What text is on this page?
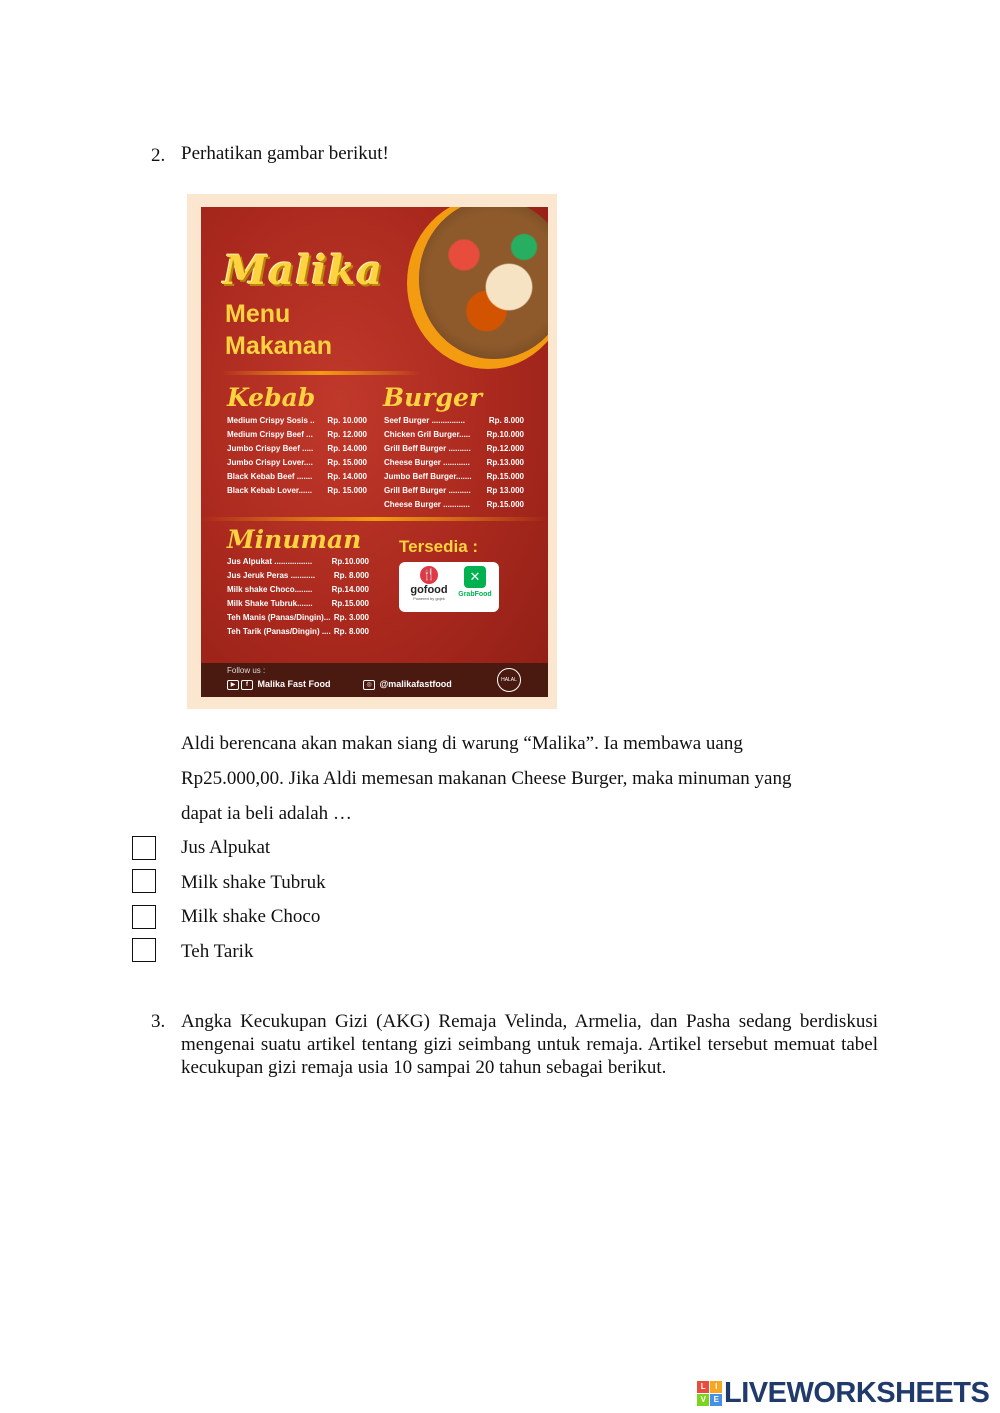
2. Perhatikan gambar berikut!
Malika
Menu
Makanan
Kebab
Medium Crispy Sosis .. Rp. 10.000
Medium Crispy Beef ... Rp. 12.000
Jumbo Crispy Beef ..... Rp. 14.000
Jumbo Crispy Lover.... Rp. 15.000
Black Kebab Beef ....... Rp. 14.000
Black Kebab Lover...... Rp. 15.000
Burger
Seef Burger ...............	Rp. 8.000
Chicken Gril Burger..... Rp.10.000
Grill Beff Burger .......... Rp.12.000
Cheese Burger ............ Rp.13.000
Jumbo Beff Burger....... Rp.15.000
Grill Beff Burger .......... Rp 13.000
Cheese Burger ............ Rp.15.000
Minuman
Jus Alpukat ................. Rp.10.000
Jus Jeruk Peras ........... Rp. 8.000
Milk shake Choco........ Rp.14.000
Milk Shake Tubruk....... Rp.15.000
Teh Manis (Panas/Dingin)... Rp. 3.000
Teh Tarik (Panas/Dingin) .... Rp. 8.000
Tersedia :
🍴
gofood
Powered by gojek
✕
GrabFood
Follow us :
▶ f Malika Fast Food	◎ @malikafastfood	HALAL
Aldi berencana akan makan siang di warung “Malika”. Ia membawa uang
Rp25.000,00. Jika Aldi memesan makanan Cheese Burger, maka minuman yang
dapat ia beli adalah …
Jus Alpukat
Milk shake Tubruk
Milk shake Choco
Teh Tarik
3. Angka Kecukupan Gizi (AKG) Remaja Velinda, Armelia, dan Pasha sedang berdiskusi mengenai suatu artikel tentang gizi seimbang untuk remaja. Artikel tersebut memuat tabel kecukupan gizi remaja usia 10 sampai 20 tahun sebagai berikut.
L	I
V	E LIVEWORKSHEETS
